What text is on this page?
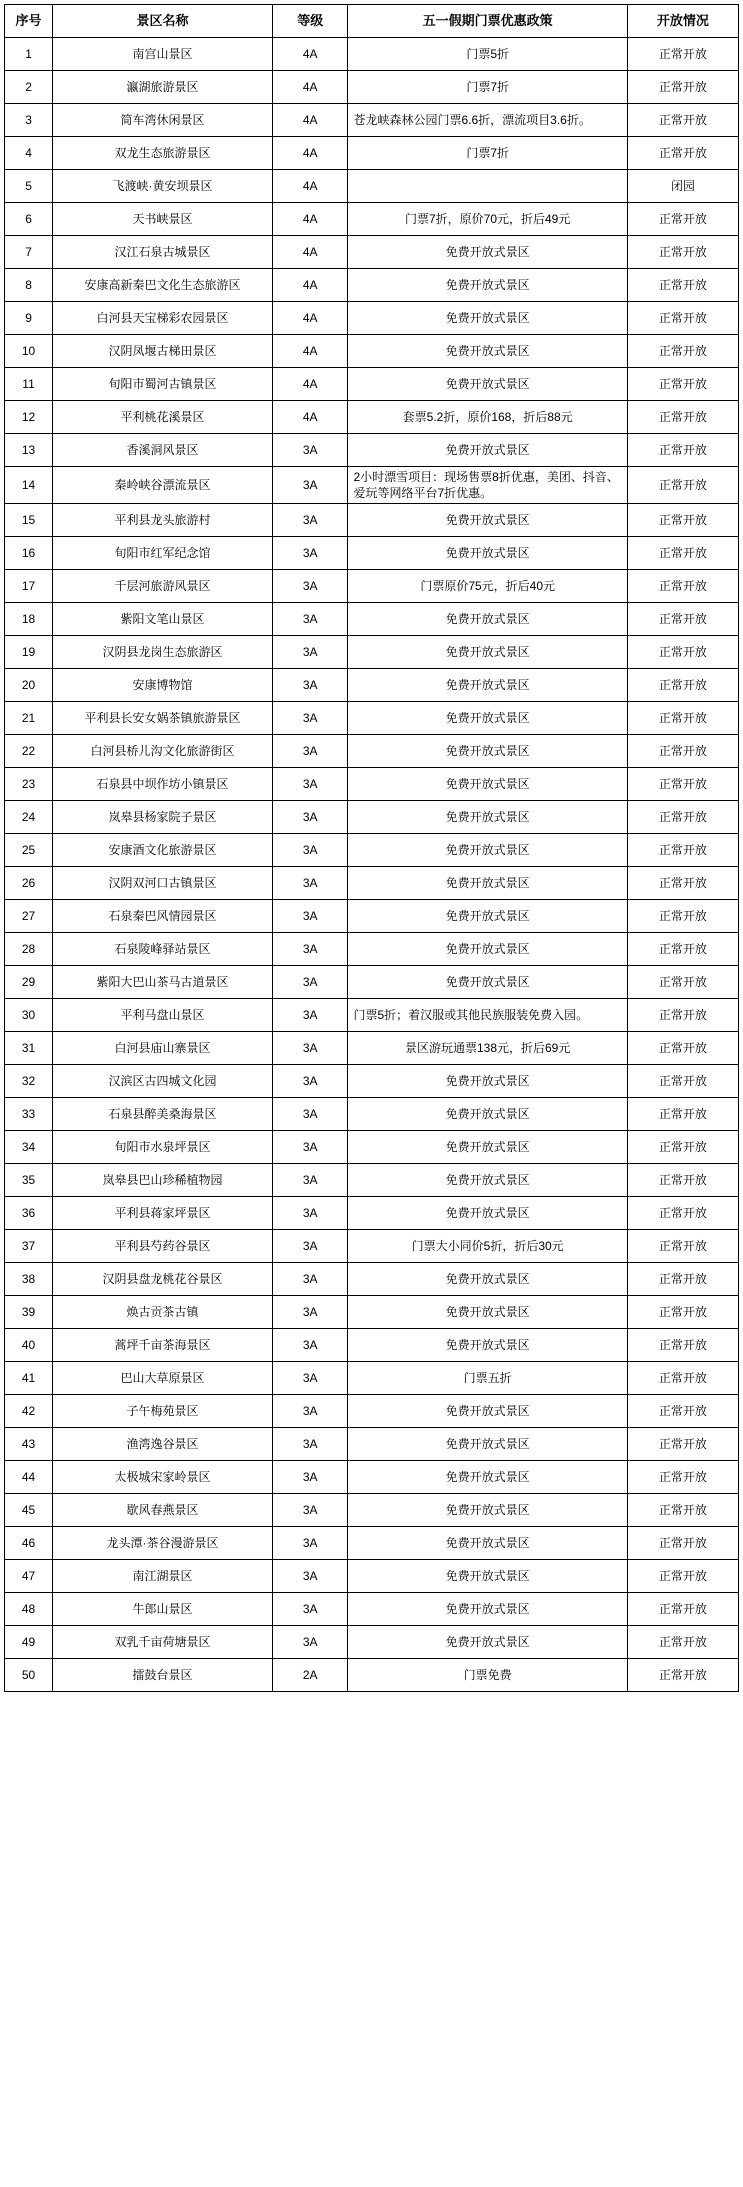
序号	景区名称	等级	五一假期门票优惠政策	开放情况
1	南宫山景区	4A	门票5折	正常开放
2	瀛湖旅游景区	4A	门票7折	正常开放
3	简车湾休闲景区	4A	苍龙峡森林公园门票6.6折，漂流项目3.6折。	正常开放
4	双龙生态旅游景区	4A	门票7折	正常开放
5	飞渡峡·黄安坝景区	4A		闭园
6	天书峡景区	4A	门票7折，原价70元，折后49元	正常开放
7	汉江石泉古城景区	4A	免费开放式景区	正常开放
8	安康高新秦巴文化生态旅游区	4A	免费开放式景区	正常开放
9	白河县天宝梯彩农园景区	4A	免费开放式景区	正常开放
10	汉阴凤堰古梯田景区	4A	免费开放式景区	正常开放
11	旬阳市蜀河古镇景区	4A	免费开放式景区	正常开放
12	平利桃花溪景区	4A	套票5.2折，原价168，折后88元	正常开放
13	香溪洞风景区	3A	免费开放式景区	正常开放
14	秦岭峡谷漂流景区	3A	2小时漂雪项目：现场售票8折优惠，美团、抖音、爱玩等网络平台7折优惠。	正常开放
15	平利县龙头旅游村	3A	免费开放式景区	正常开放
16	旬阳市红军纪念馆	3A	免费开放式景区	正常开放
17	千层河旅游风景区	3A	门票原价75元，折后40元	正常开放
18	紫阳文笔山景区	3A	免费开放式景区	正常开放
19	汉阴县龙岗生态旅游区	3A	免费开放式景区	正常开放
20	安康博物馆	3A	免费开放式景区	正常开放
21	平利县长安女娲茶镇旅游景区	3A	免费开放式景区	正常开放
22	白河县桥儿沟文化旅游街区	3A	免费开放式景区	正常开放
23	石泉县中坝作坊小镇景区	3A	免费开放式景区	正常开放
24	岚皋县杨家院子景区	3A	免费开放式景区	正常开放
25	安康酒文化旅游景区	3A	免费开放式景区	正常开放
26	汉阴双河口古镇景区	3A	免费开放式景区	正常开放
27	石泉秦巴风情园景区	3A	免费开放式景区	正常开放
28	石泉陵峰驿站景区	3A	免费开放式景区	正常开放
29	紫阳大巴山茶马古道景区	3A	免费开放式景区	正常开放
30	平利马盘山景区	3A	门票5折；着汉服或其他民族服装免费入园。	正常开放
31	白河县庙山寨景区	3A	景区游玩通票138元，折后69元	正常开放
32	汉滨区古四城文化园	3A	免费开放式景区	正常开放
33	石泉县醉美桑海景区	3A	免费开放式景区	正常开放
34	旬阳市水泉坪景区	3A	免费开放式景区	正常开放
35	岚皋县巴山珍稀植物园	3A	免费开放式景区	正常开放
36	平利县蒋家坪景区	3A	免费开放式景区	正常开放
37	平利县芍药谷景区	3A	门票大小同价5折，折后30元	正常开放
38	汉阴县盘龙桃花谷景区	3A	免费开放式景区	正常开放
39	焕古贡茶古镇	3A	免费开放式景区	正常开放
40	蒿坪千亩茶海景区	3A	免费开放式景区	正常开放
41	巴山大草原景区	3A	门票五折	正常开放
42	子午梅苑景区	3A	免费开放式景区	正常开放
43	渔湾逸谷景区	3A	免费开放式景区	正常开放
44	太极城宋家岭景区	3A	免费开放式景区	正常开放
45	歇风春燕景区	3A	免费开放式景区	正常开放
46	龙头潭·茶谷漫游景区	3A	免费开放式景区	正常开放
47	南江湖景区	3A	免费开放式景区	正常开放
48	牛郎山景区	3A	免费开放式景区	正常开放
49	双乳千亩荷塘景区	3A	免费开放式景区	正常开放
50	擂鼓台景区	2A	门票免费	正常开放
